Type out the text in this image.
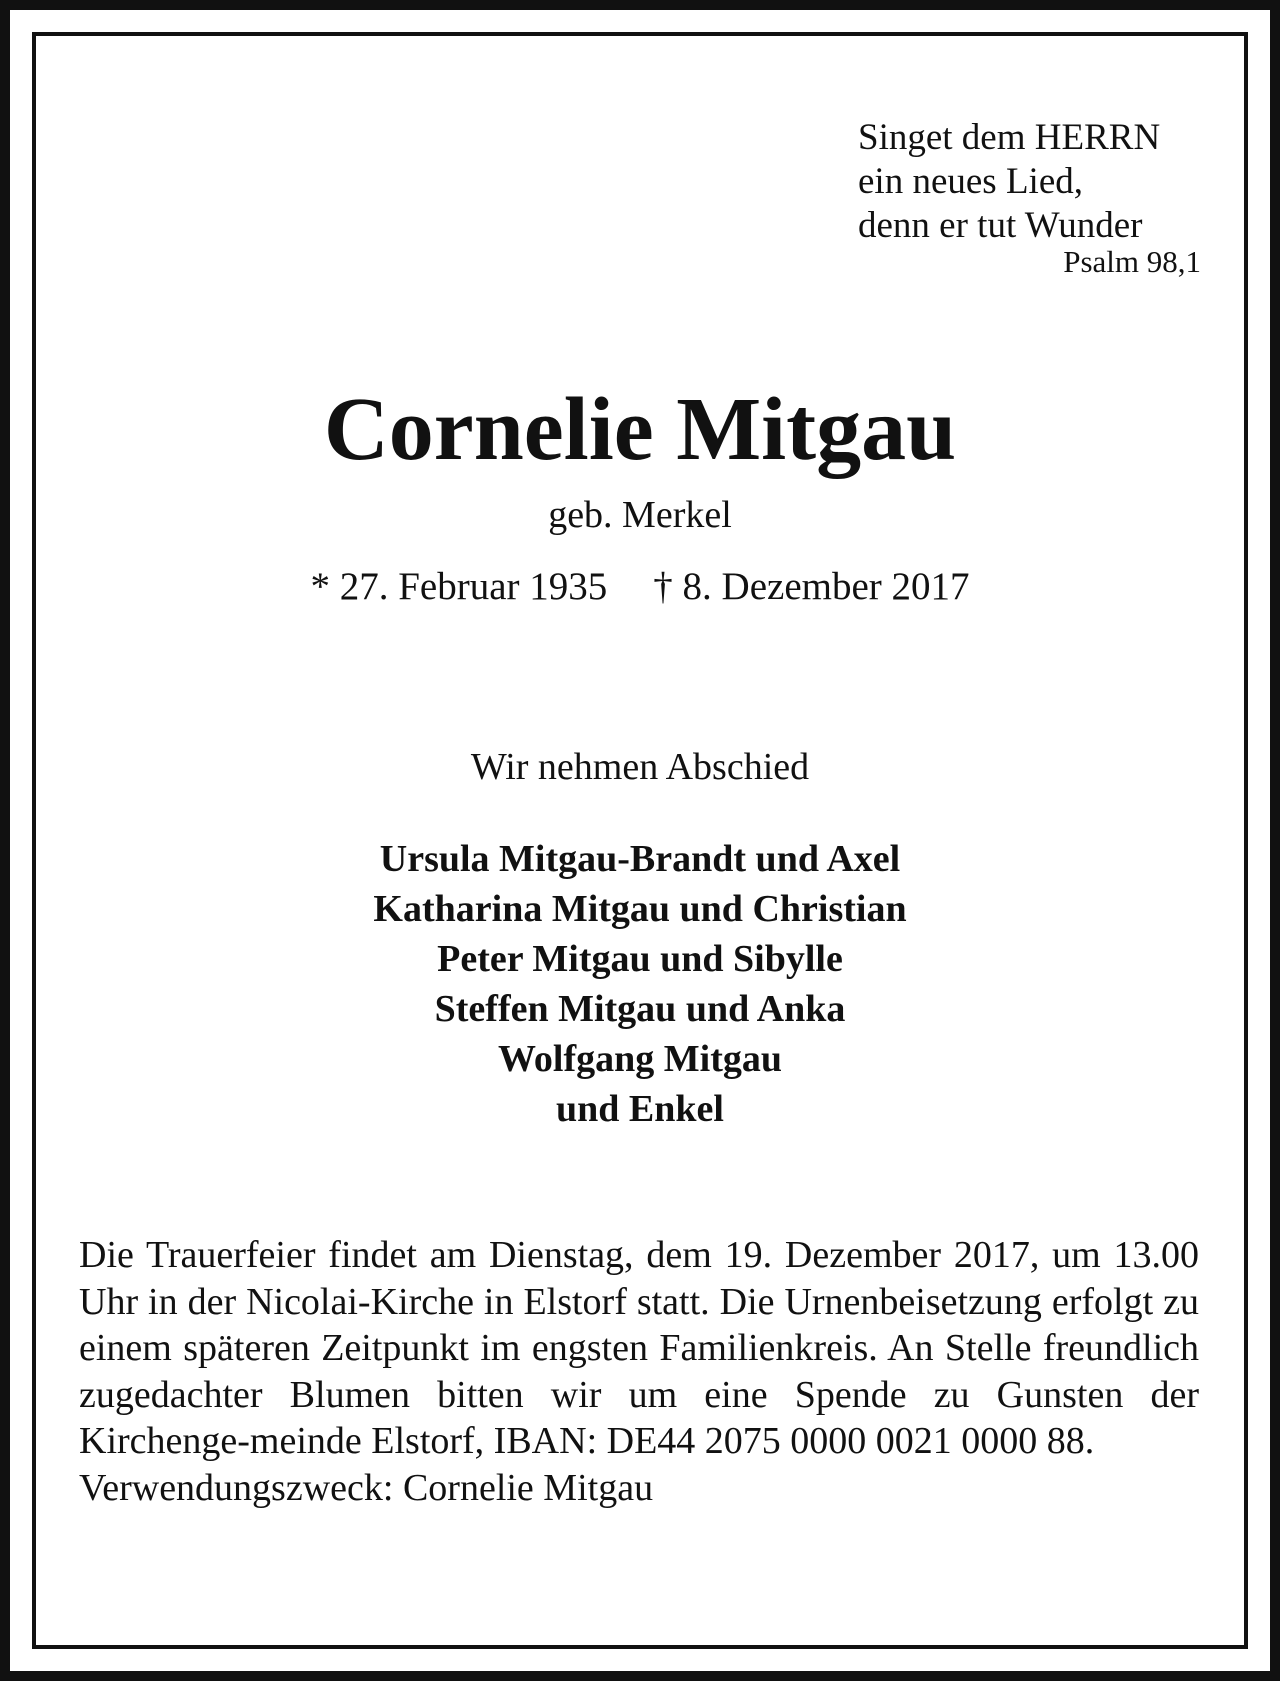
Singet dem HERRN
ein neues Lied,
denn er tut Wunder
Psalm 98,1
Cornelie Mitgau
geb. Merkel
* 27. Februar 1935 † 8. Dezember 2017
Wir nehmen Abschied
Ursula Mitgau-Brandt und Axel
Katharina Mitgau und Christian
Peter Mitgau und Sibylle
Steffen Mitgau und Anka
Wolfgang Mitgau
und Enkel
Die Trauerfeier findet am Dienstag, dem 19. Dezember 2017, um 13.00 Uhr in der Nicolai-Kirche in Elstorf statt. Die Urnenbeisetzung erfolgt zu einem späteren Zeitpunkt im engsten Familienkreis. An Stelle freundlich zugedachter Blumen bitten wir um eine Spende zu Gunsten der Kirchenge-meinde Elstorf, IBAN: DE44 2075 0000 0021 0000 88.
Verwendungszweck: Cornelie Mitgau
